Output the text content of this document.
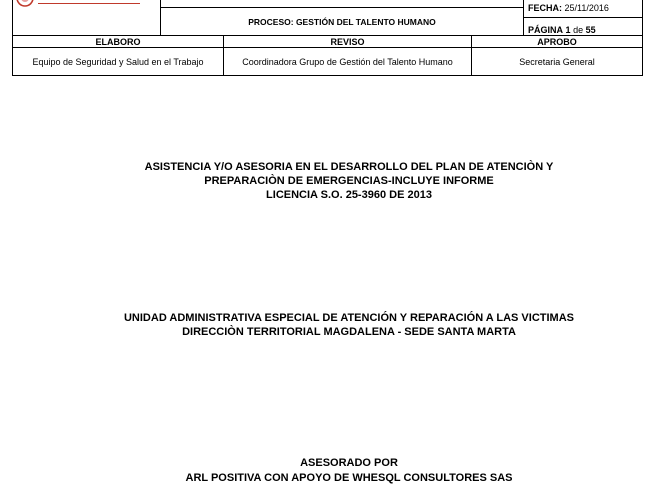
PROCESO: GESTIÓN DEL TALENTO HUMANO
FECHA: 25/11/2016
PÁGINA 1 de 55
ELABORO	REVISO	APROBO
Equipo de Seguridad y Salud en el Trabajo	Coordinadora Grupo de Gestión del Talento Humano	Secretaria General
ASISTENCIA Y/O ASESORIA EN EL DESARROLLO DEL PLAN DE ATENCIÒN Y
PREPARACIÒN DE EMERGENCIAS-INCLUYE INFORME
LICENCIA S.O. 25-3960 DE 2013
UNIDAD ADMINISTRATIVA ESPECIAL DE ATENCIÓN Y REPARACIÓN A LAS VICTIMAS
DIRECCIÒN TERRITORIAL MAGDALENA - SEDE SANTA MARTA
ASESORADO POR
ARL POSITIVA CON APOYO DE WHESQL CONSULTORES SAS
